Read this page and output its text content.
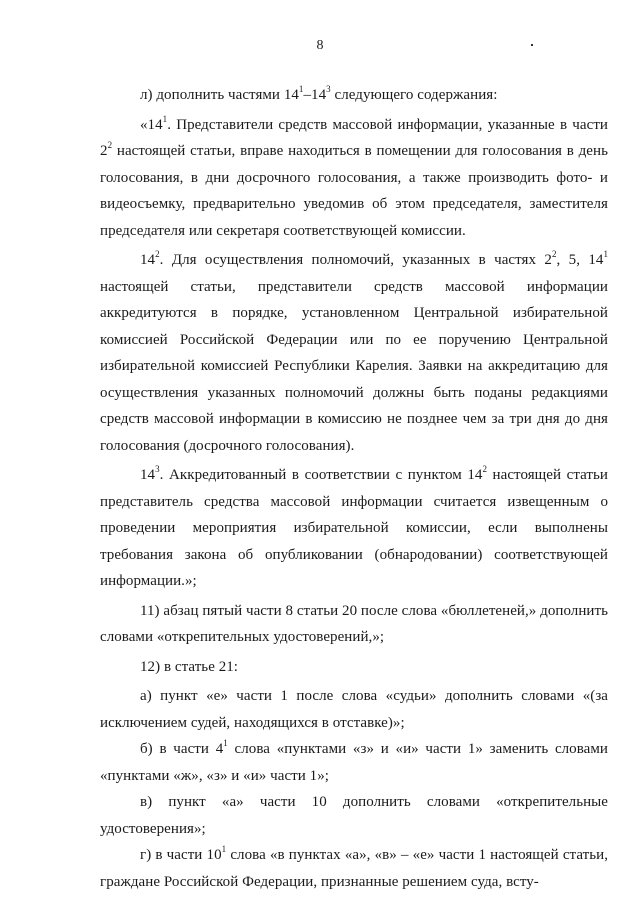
8

л) дополнить частями $14^1-14^3$ следующего содержания:

«$14^1$. Представители средств массовой информации, указанные в части $2^2$ настоящей статьи, вправе находиться в помещении для голосования в день голосования, в дни досрочного голосования, а также производить фото- и видеосъемку, предварительно уведомив об этом председателя, заместителя председателя или секретаря соответствующей комиссии.

$14^2$. Для осуществления полномочий, указанных в частях $2^2$, 5, $14^1$ настоящей статьи, представители средств массовой информации аккредитуются в порядке, установленном Центральной избирательной комиссией Российской Федерации или по ее поручению Центральной избирательной комиссией Республики Карелия. Заявки на аккредитацию для осуществления указанных полномочий должны быть поданы редакциями средств массовой информации в комиссию не позднее чем за три дня до дня голосования (досрочного голосования).

$14^3$. Аккредитованный в соответствии с пунктом $14^2$ настоящей статьи представитель средства массовой информации считается извещенным о проведении мероприятия избирательной комиссии, если выполнены требования закона об опубликовании (обнародовании) соответствующей информации.»;

11) абзац пятый части 8 статьи 20 после слова «бюллетеней,» дополнить словами «открепительных удостоверений,»;

12) в статье 21:

а) пункт «е» части 1 после слова «судьи» дополнить словами «(за исключением судей, находящихся в отставке)»;

б) в части $4^1$ слова «пунктами «з» и «и» части 1» заменить словами «пунктами «ж», «з» и «и» части 1»;

в) пункт «а» части 10 дополнить словами «открепительные удостоверения»;

г) в части $10^1$ слова «в пунктах «а», «в» – «е» части 1 настоящей статьи, граждане Российской Федерации, признанные решением суда, всту-
